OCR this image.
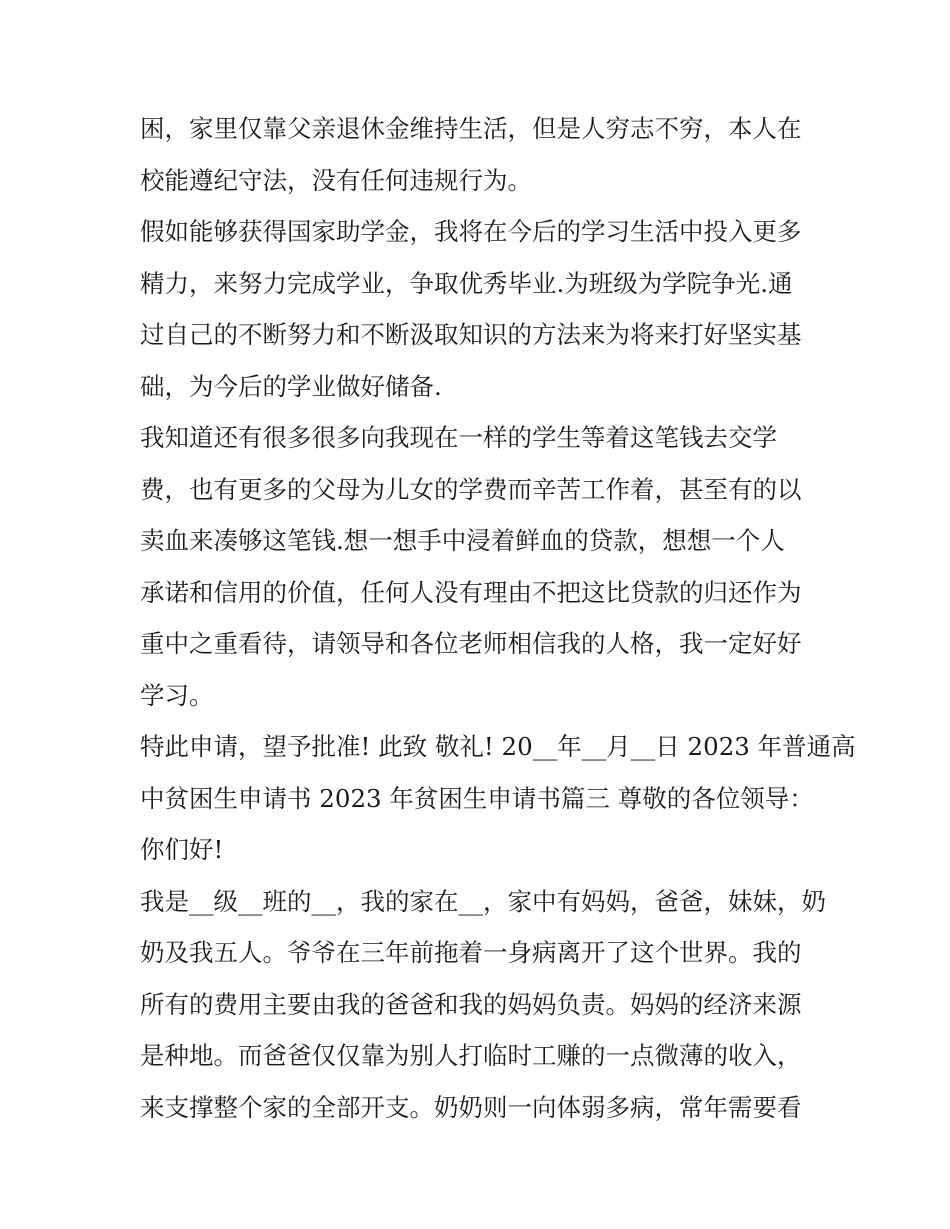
困，家里仅靠父亲退休金维持生活，但是人穷志不穷，本人在
校能遵纪守法，没有任何违规行为。
假如能够获得国家助学金，我将在今后的学习生活中投入更多
精力，来努力完成学业，争取优秀毕业.为班级为学院争光.通
过自己的不断努力和不断汲取知识的方法来为将来打好坚实基
础，为今后的学业做好储备.
我知道还有很多很多向我现在一样的学生等着这笔钱去交学
费，也有更多的父母为儿女的学费而辛苦工作着，甚至有的以
卖血来凑够这笔钱.想一想手中浸着鲜血的贷款，想想一个人
承诺和信用的价值，任何人没有理由不把这比贷款的归还作为
重中之重看待，请领导和各位老师相信我的人格，我一定好好
学习。
特此申请，望予批准! 此致 敬礼! 20__年__月__日 2023 年普通高
中贫困生申请书 2023 年贫困生申请书篇三 尊敬的各位领导：
你们好!
我是__级__班的__，我的家在__，家中有妈妈，爸爸，妹妹，奶
奶及我五人。爷爷在三年前拖着一身病离开了这个世界。我的
所有的费用主要由我的爸爸和我的妈妈负责。妈妈的经济来源
是种地。而爸爸仅仅靠为别人打临时工赚的一点微薄的收入，
来支撑整个家的全部开支。奶奶则一向体弱多病，常年需要看
